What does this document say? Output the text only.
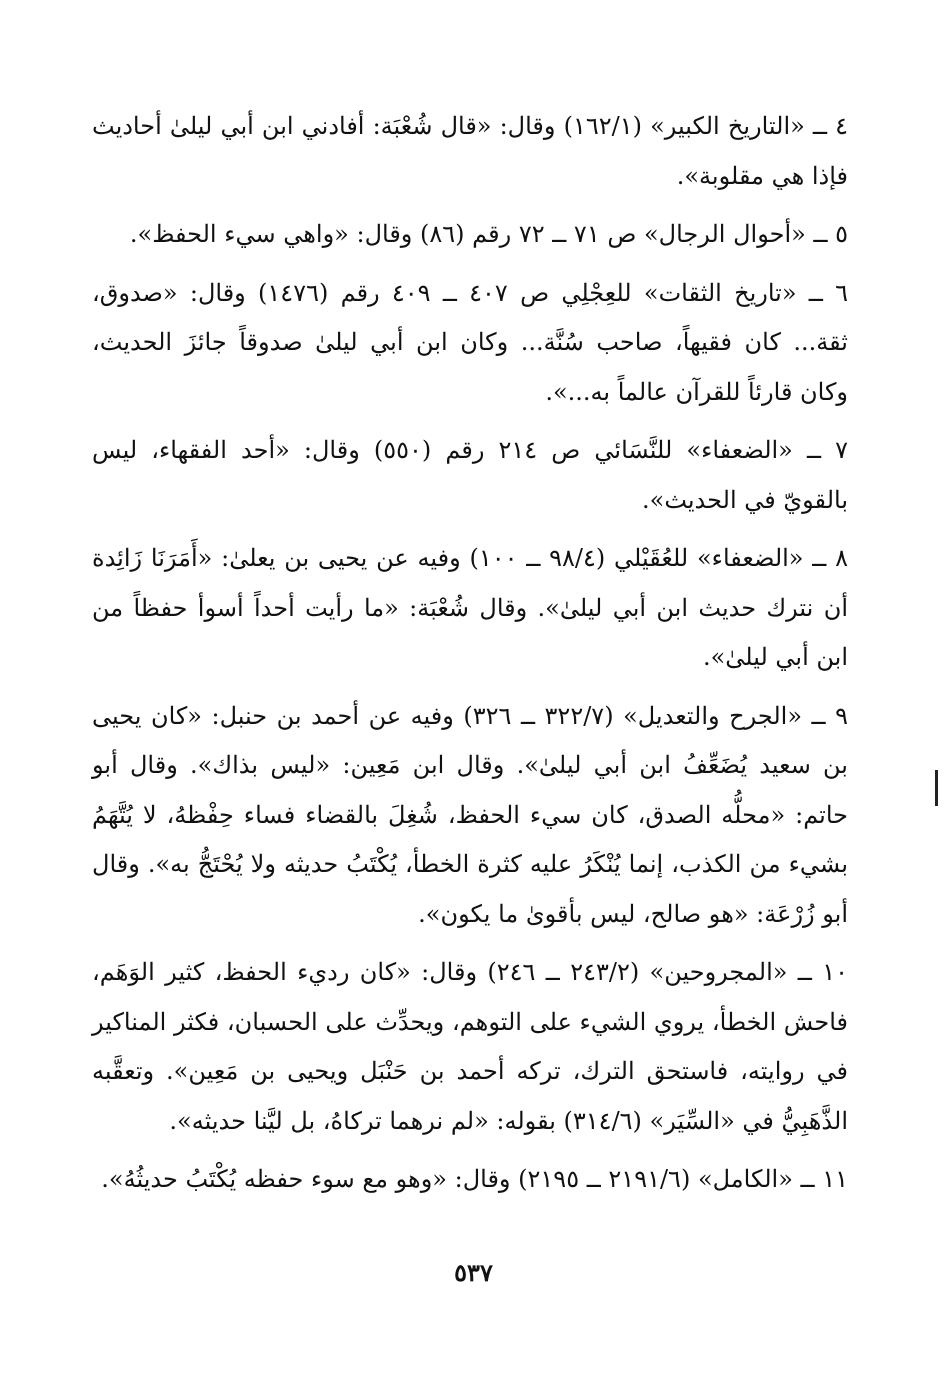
٤ ــ «التاريخ الكبير» (١٦٢/١) وقال: «قال شُعْبَة: أفادني ابن أبي ليلىٰ أحاديث فإذا هي مقلوبة».

٥ ــ «أحوال الرجال» ص ٧١ ــ ٧٢ رقم (٨٦) وقال: «واهي سيء الحفظ».

٦ ــ «تاريخ الثقات» للعِجْلِي ص ٤٠٧ ــ ٤٠٩ رقم (١٤٧٦) وقال: «صدوق، ثقة... كان فقيهاً، صاحب سُنَّة... وكان ابن أبي ليلىٰ صدوقاً جائزَ الحديث، وكان قارئاً للقرآن عالماً به...».

٧ ــ «الضعفاء» للنَّسَائي ص ٢١٤ رقم (٥٥٠) وقال: «أحد الفقهاء، ليس بالقويّ في الحديث».

٨ ــ «الضعفاء» للعُقَيْلي (٩٨/٤ ــ ١٠٠) وفيه عن يحيى بن يعلىٰ: «أَمَرَنَا زَائِدة أن نترك حديث ابن أبي ليلىٰ». وقال شُعْبَة: «ما رأيت أحداً أسوأ حفظاً من ابن أبي ليلىٰ».

٩ ــ «الجرح والتعديل» (٣٢٢/٧ ــ ٣٢٦) وفيه عن أحمد بن حنبل: «كان يحيى بن سعيد يُضَعِّفُ ابن أبي ليلىٰ». وقال ابن مَعِين: «ليس بذاك». وقال أبو حاتم: «محلُّه الصدق، كان سيء الحفظ، شُغِلَ بالقضاء فساء حِفْظهُ، لا يُتَّهَمُ بشيء من الكذب، إنما يُنْكَرُ عليه كثرة الخطأ، يُكْتَبُ حديثه ولا يُحْتَجُّ به». وقال أبو زُرْعَة: «هو صالح، ليس بأقوىٰ ما يكون».

١٠ ــ «المجروحين» (٢٤٣/٢ ــ ٢٤٦) وقال: «كان رديء الحفظ، كثير الوَهَم، فاحش الخطأ، يروي الشيء على التوهم، ويحدِّث على الحسبان، فكثر المناكير في روايته، فاستحق الترك، تركه أحمد بن حَنْبَل ويحيى بن مَعِين». وتعقَّبه الذَّهَبِيُّ في «السِّيَر» (٣١٤/٦) بقوله: «لم نرهما تركاهُ، بل ليَّنا حديثه».

١١ ــ «الكامل» (٢١٩١/٦ ــ ٢١٩٥) وقال: «وهو مع سوء حفظه يُكْتَبُ حديثُهُ».

٥٣٧
